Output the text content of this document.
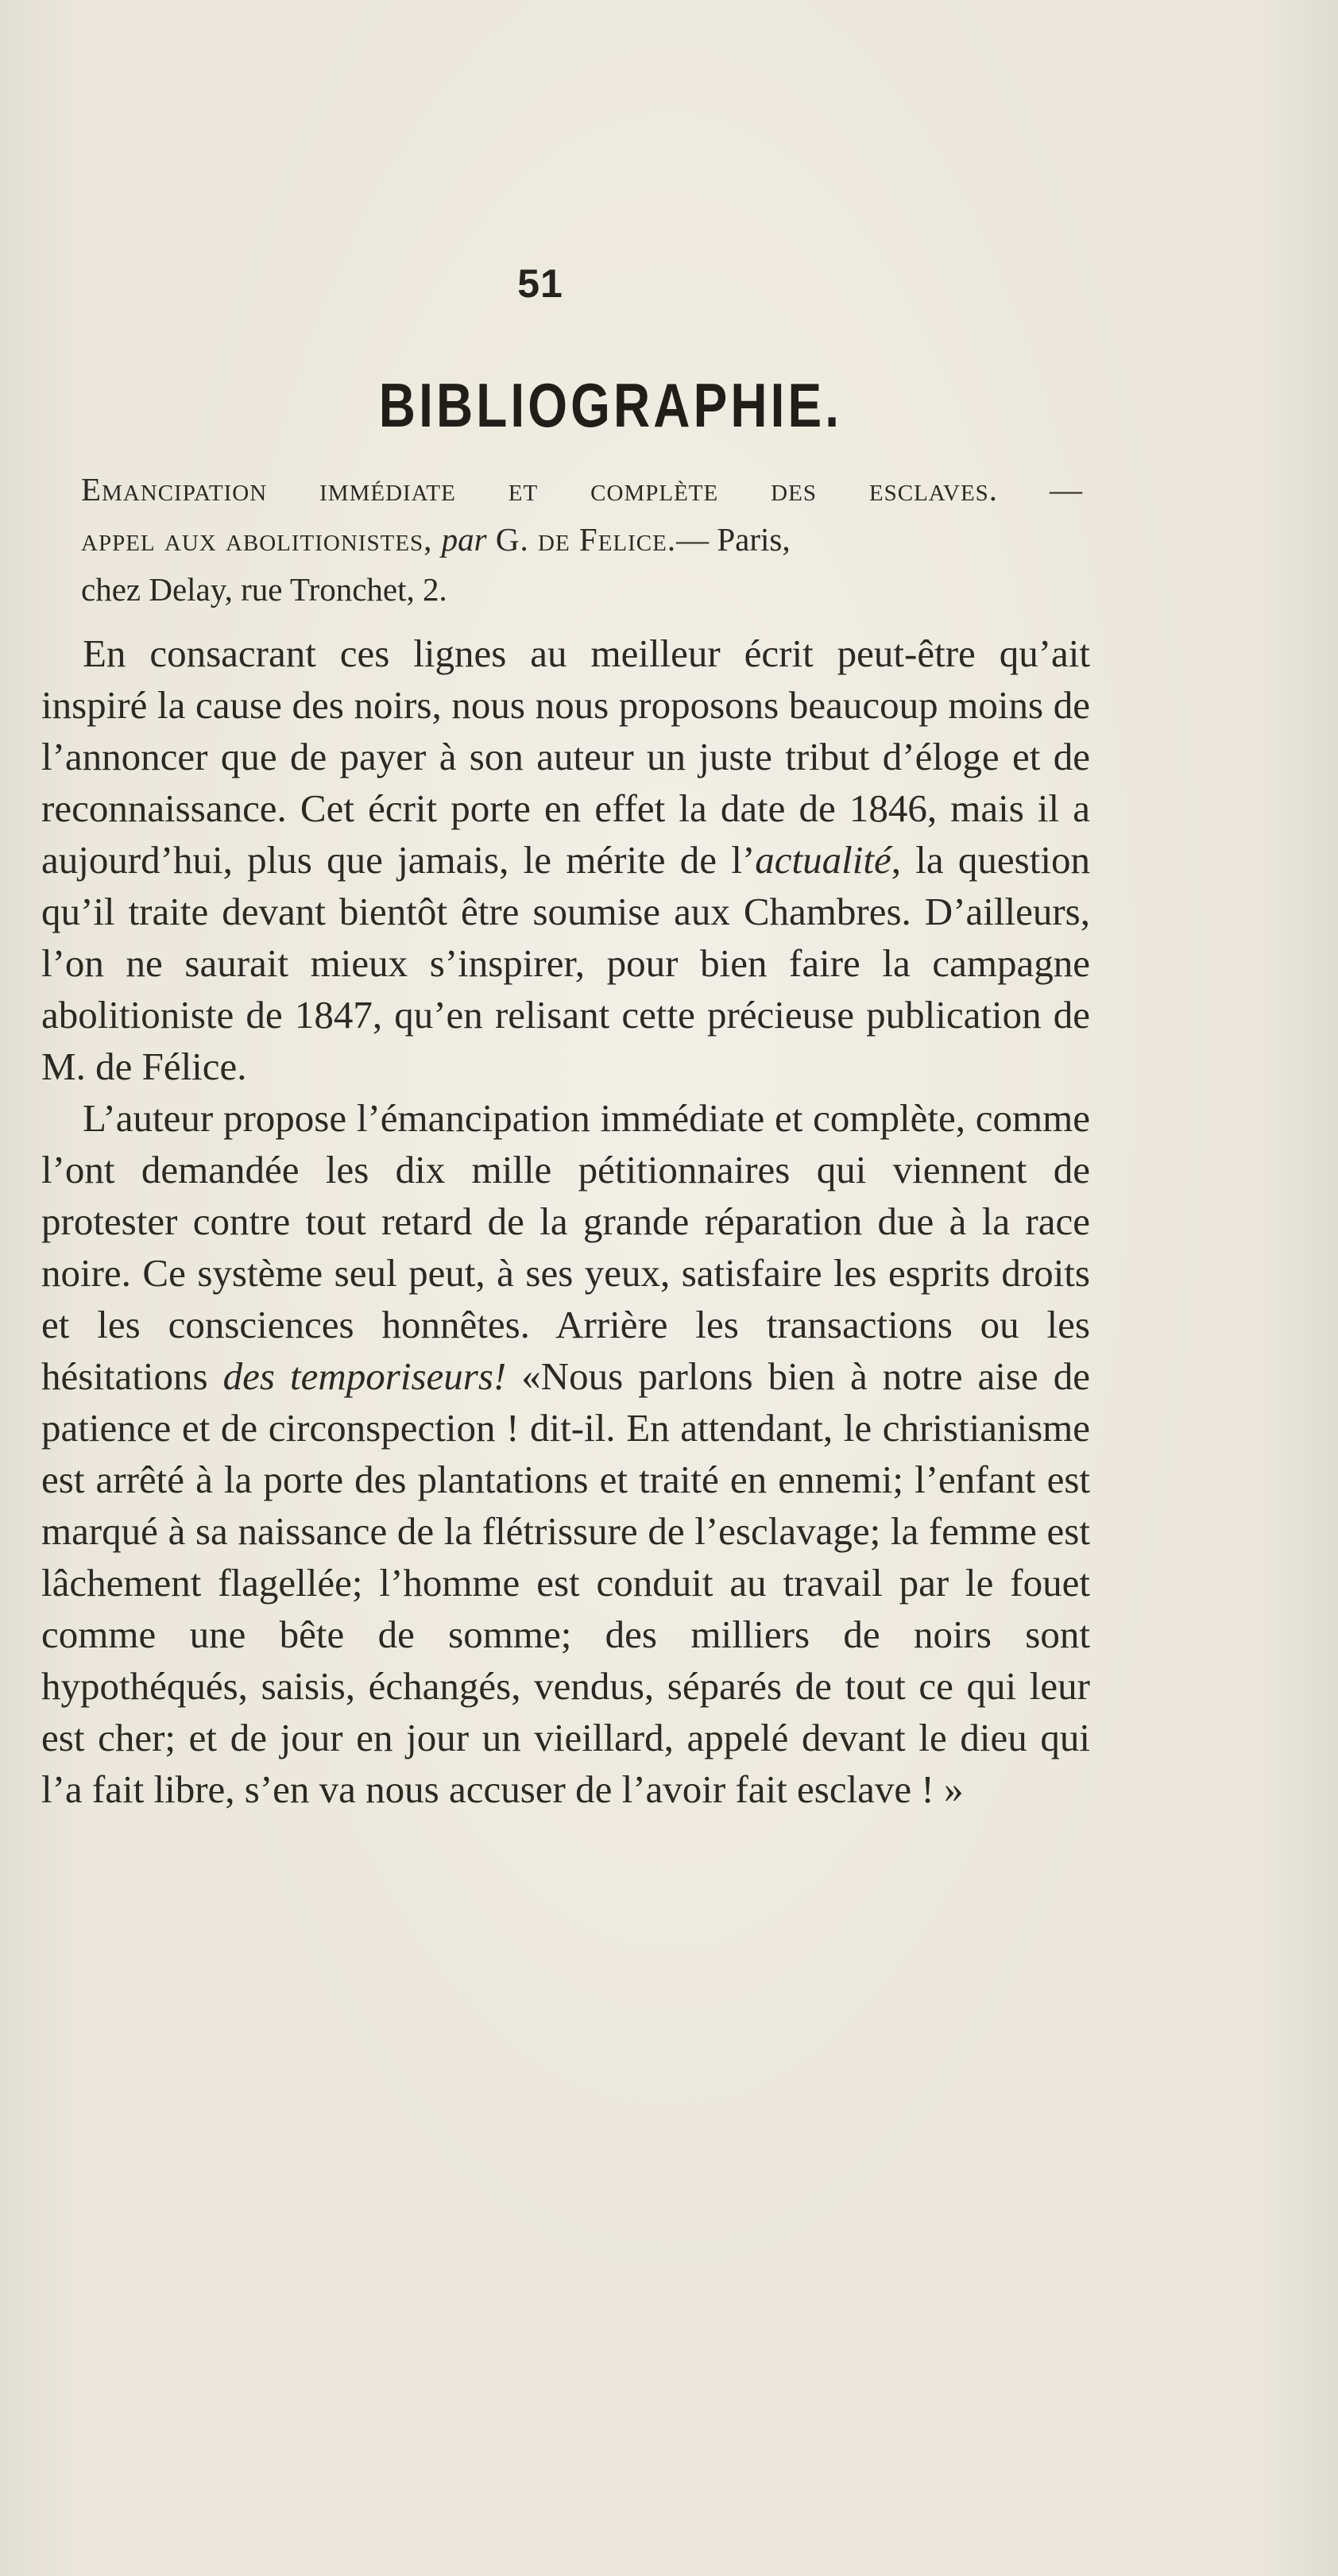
51
BIBLIOGRAPHIE.
Emancipation immédiate et complète des esclaves. —
appel aux abolitionistes, par G. de Felice.— Paris,
chez Delay, rue Tronchet, 2.

En consacrant ces lignes au meilleur écrit peut-être qu’ait inspiré la cause des noirs, nous nous proposons beaucoup moins de l’annoncer que de payer à son auteur un juste tribut d’éloge et de reconnaissance. Cet écrit porte en effet la date de 1846, mais il a aujourd’hui, plus que jamais, le mérite de l’actualité, la question qu’il traite devant bientôt être soumise aux Chambres. D’ailleurs, l’on ne saurait mieux s’inspirer, pour bien faire la campagne abolitioniste de 1847, qu’en relisant cette précieuse publication de M. de Félice.

L’auteur propose l’émancipation immédiate et complète, comme l’ont demandée les dix mille pétitionnaires qui viennent de protester contre tout retard de la grande réparation due à la race noire. Ce système seul peut, à ses yeux, satisfaire les esprits droits et les consciences honnêtes. Arrière les transactions ou les hésitations des temporiseurs! «Nous parlons bien à notre aise de patience et de circonspection ! dit-il. En attendant, le christianisme est arrêté à la porte des plantations et traité en ennemi; l’enfant est marqué à sa naissance de la flétrissure de l’esclavage; la femme est lâchement flagellée; l’homme est conduit au travail par le fouet comme une bête de somme; des milliers de noirs sont hypothéqués, saisis, échangés, vendus, séparés de tout ce qui leur est cher; et de jour en jour un vieillard, appelé devant le dieu qui l’a fait libre, s’en va nous accuser de l’avoir fait esclave ! »
